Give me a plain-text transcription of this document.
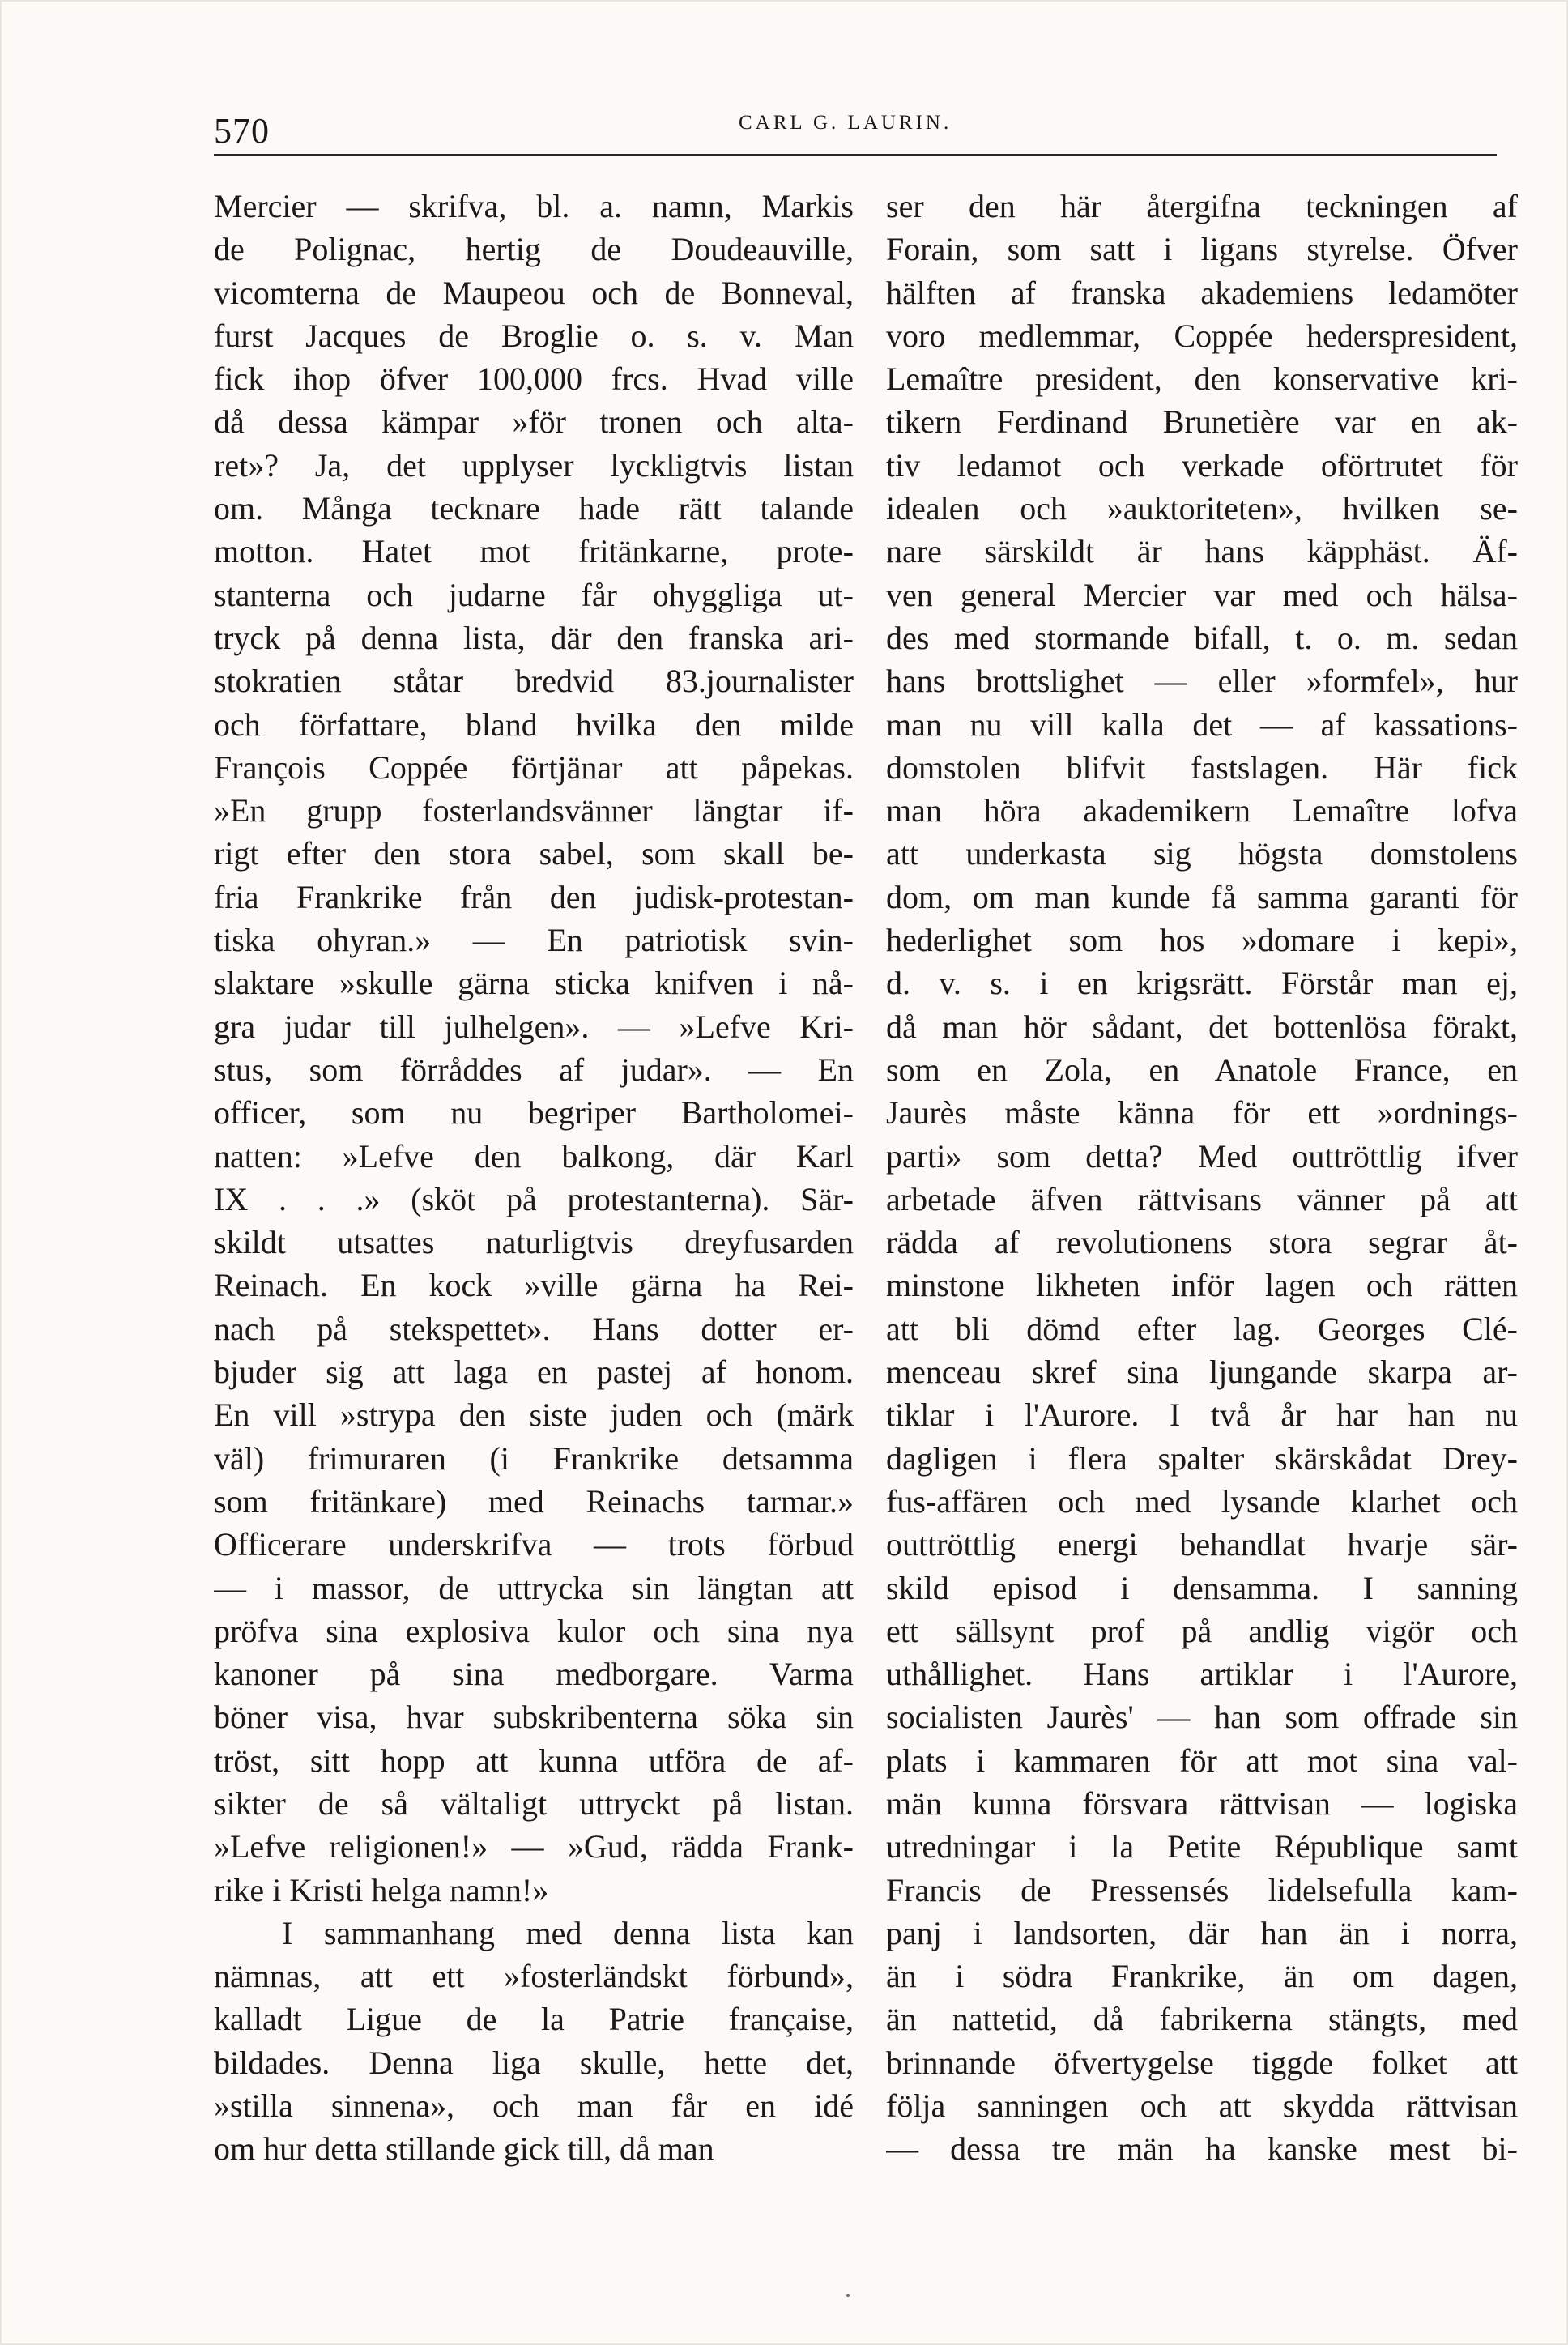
570	CARL G. LAURIN.
Mercier — skrifva, bl. a. namn, Markis
de Polignac, hertig de Doudeauville,
vicomterna de Maupeou och de Bonneval,
furst Jacques de Broglie o. s. v. Man
fick ihop öfver 100,000 frcs. Hvad ville
då dessa kämpar »för tronen och alta-
ret»? Ja, det upplyser lyckligtvis listan
om. Många tecknare hade rätt talande
motton. Hatet mot fritänkarne, prote-
stanterna och judarne får ohyggliga ut-
tryck på denna lista, där den franska ari-
stokratien ståtar bredvid 83.journalister
och författare, bland hvilka den milde
François Coppée förtjänar att påpekas.
»En grupp fosterlandsvänner längtar if-
rigt efter den stora sabel, som skall be-
fria Frankrike från den judisk-protestan-
tiska ohyran.» — En patriotisk svin-
slaktare »skulle gärna sticka knifven i nå-
gra judar till julhelgen». — »Lefve Kri-
stus, som förråddes af judar». — En
officer, som nu begriper Bartholomei-
natten: »Lefve den balkong, där Karl
IX . . .» (sköt på protestanterna). Sär-
skildt utsattes naturligtvis dreyfusarden
Reinach. En kock »ville gärna ha Rei-
nach på stekspettet». Hans dotter er-
bjuder sig att laga en pastej af honom.
En vill »strypa den siste juden och (märk
väl) frimuraren (i Frankrike detsamma
som fritänkare) med Reinachs tarmar.»
Officerare underskrifva — trots förbud
— i massor, de uttrycka sin längtan att
pröfva sina explosiva kulor och sina nya
kanoner på sina medborgare. Varma
böner visa, hvar subskribenterna söka sin
tröst, sitt hopp att kunna utföra de af-
sikter de så vältaligt uttryckt på listan.
»Lefve religionen!» — »Gud, rädda Frank-
rike i Kristi helga namn!»
I sammanhang med denna lista kan
nämnas, att ett »fosterländskt förbund»,
kalladt Ligue de la Patrie française,
bildades. Denna liga skulle, hette det,
»stilla sinnena», och man får en idé
om hur detta stillande gick till, då man
ser den här återgifna teckningen af
Forain, som satt i ligans styrelse. Öfver
hälften af franska akademiens ledamöter
voro medlemmar, Coppée hederspresident,
Lemaître president, den konservative kri-
tikern Ferdinand Brunetière var en ak-
tiv ledamot och verkade oförtrutet för
idealen och »auktoriteten», hvilken se-
nare särskildt är hans käpphäst. Äf-
ven general Mercier var med och hälsa-
des med stormande bifall, t. o. m. sedan
hans brottslighet — eller »formfel», hur
man nu vill kalla det — af kassations-
domstolen blifvit fastslagen. Här fick
man höra akademikern Lemaître lofva
att underkasta sig högsta domstolens
dom, om man kunde få samma garanti för
hederlighet som hos »domare i kepi»,
d. v. s. i en krigsrätt. Förstår man ej,
då man hör sådant, det bottenlösa förakt,
som en Zola, en Anatole France, en
Jaurès måste känna för ett »ordnings-
parti» som detta? Med outtröttlig ifver
arbetade äfven rättvisans vänner på att
rädda af revolutionens stora segrar åt-
minstone likheten inför lagen och rätten
att bli dömd efter lag. Georges Clé-
menceau skref sina ljungande skarpa ar-
tiklar i l'Aurore. I två år har han nu
dagligen i flera spalter skärskådat Drey-
fus-affären och med lysande klarhet och
outtröttlig energi behandlat hvarje sär-
skild episod i densamma. I sanning
ett sällsynt prof på andlig vigör och
uthållighet. Hans artiklar i l'Aurore,
socialisten Jaurès' — han som offrade sin
plats i kammaren för att mot sina val-
män kunna försvara rättvisan — logiska
utredningar i la Petite République samt
Francis de Pressensés lidelsefulla kam-
panj i landsorten, där han än i norra,
än i södra Frankrike, än om dagen,
än nattetid, då fabrikerna stängts, med
brinnande öfvertygelse tiggde folket att
följa sanningen och att skydda rättvisan
— dessa tre män ha kanske mest bi-
